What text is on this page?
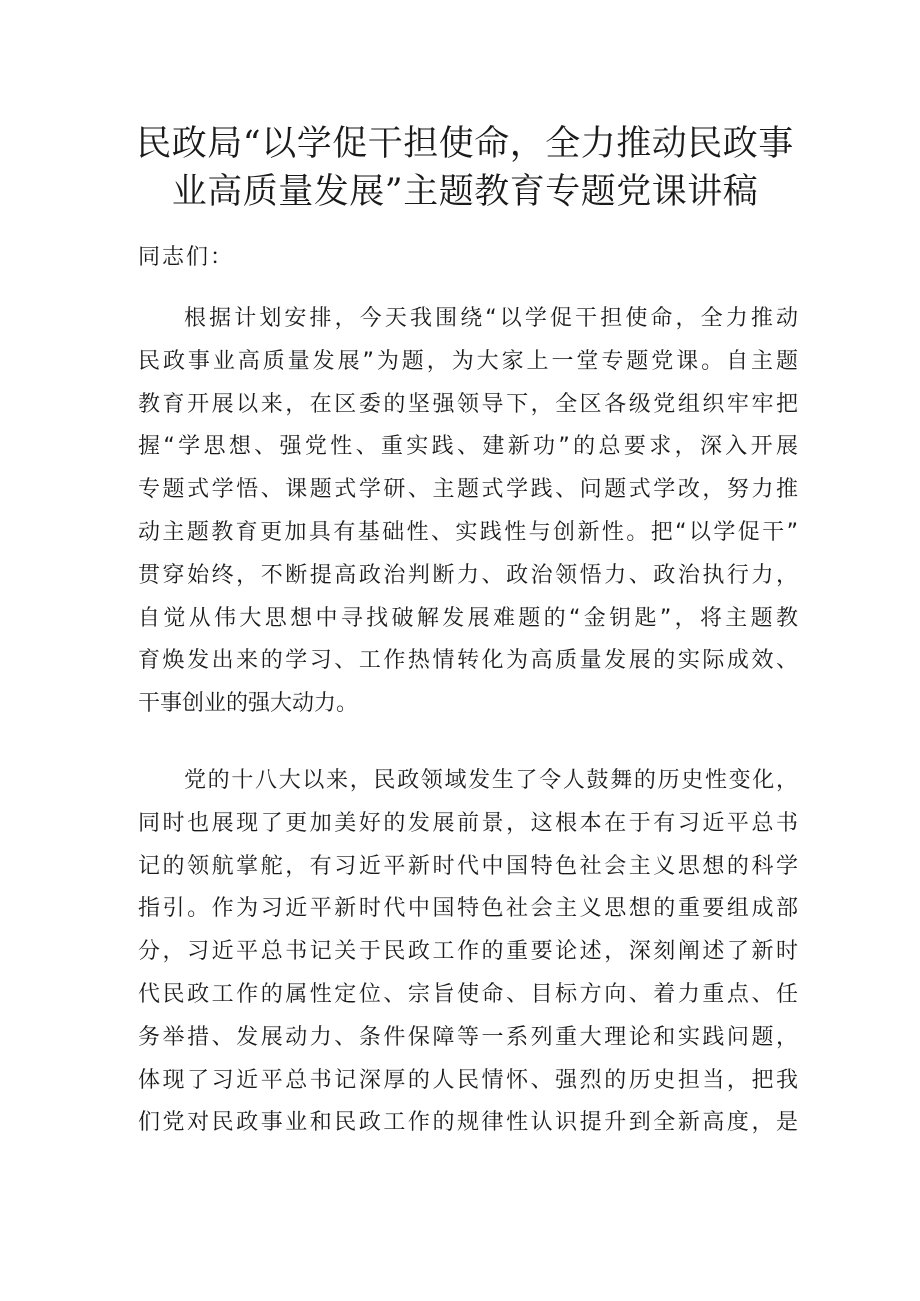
民政局“以学促干担使命，全力推动民政事
业高质量发展”主题教育专题党课讲稿

同志们：

根据计划安排，今天我围绕“以学促干担使命，全力推动
民政事业高质量发展”为题，为大家上一堂专题党课。自主题
教育开展以来，在区委的坚强领导下，全区各级党组织牢牢把
握“学思想、强党性、重实践、建新功”的总要求，深入开展
专题式学悟、课题式学研、主题式学践、问题式学改，努力推
动主题教育更加具有基础性、实践性与创新性。把“以学促干”
贯穿始终，不断提高政治判断力、政治领悟力、政治执行力，
自觉从伟大思想中寻找破解发展难题的“金钥匙”，将主题教
育焕发出来的学习、工作热情转化为高质量发展的实际成效、
干事创业的强大动力。
党的十八大以来，民政领域发生了令人鼓舞的历史性变化，
同时也展现了更加美好的发展前景，这根本在于有习近平总书
记的领航掌舵，有习近平新时代中国特色社会主义思想的科学
指引。作为习近平新时代中国特色社会主义思想的重要组成部
分，习近平总书记关于民政工作的重要论述，深刻阐述了新时
代民政工作的属性定位、宗旨使命、目标方向、着力重点、任
务举措、发展动力、条件保障等一系列重大理论和实践问题，
体现了习近平总书记深厚的人民情怀、强烈的历史担当，把我
们党对民政事业和民政工作的规律性认识提升到全新高度，是
